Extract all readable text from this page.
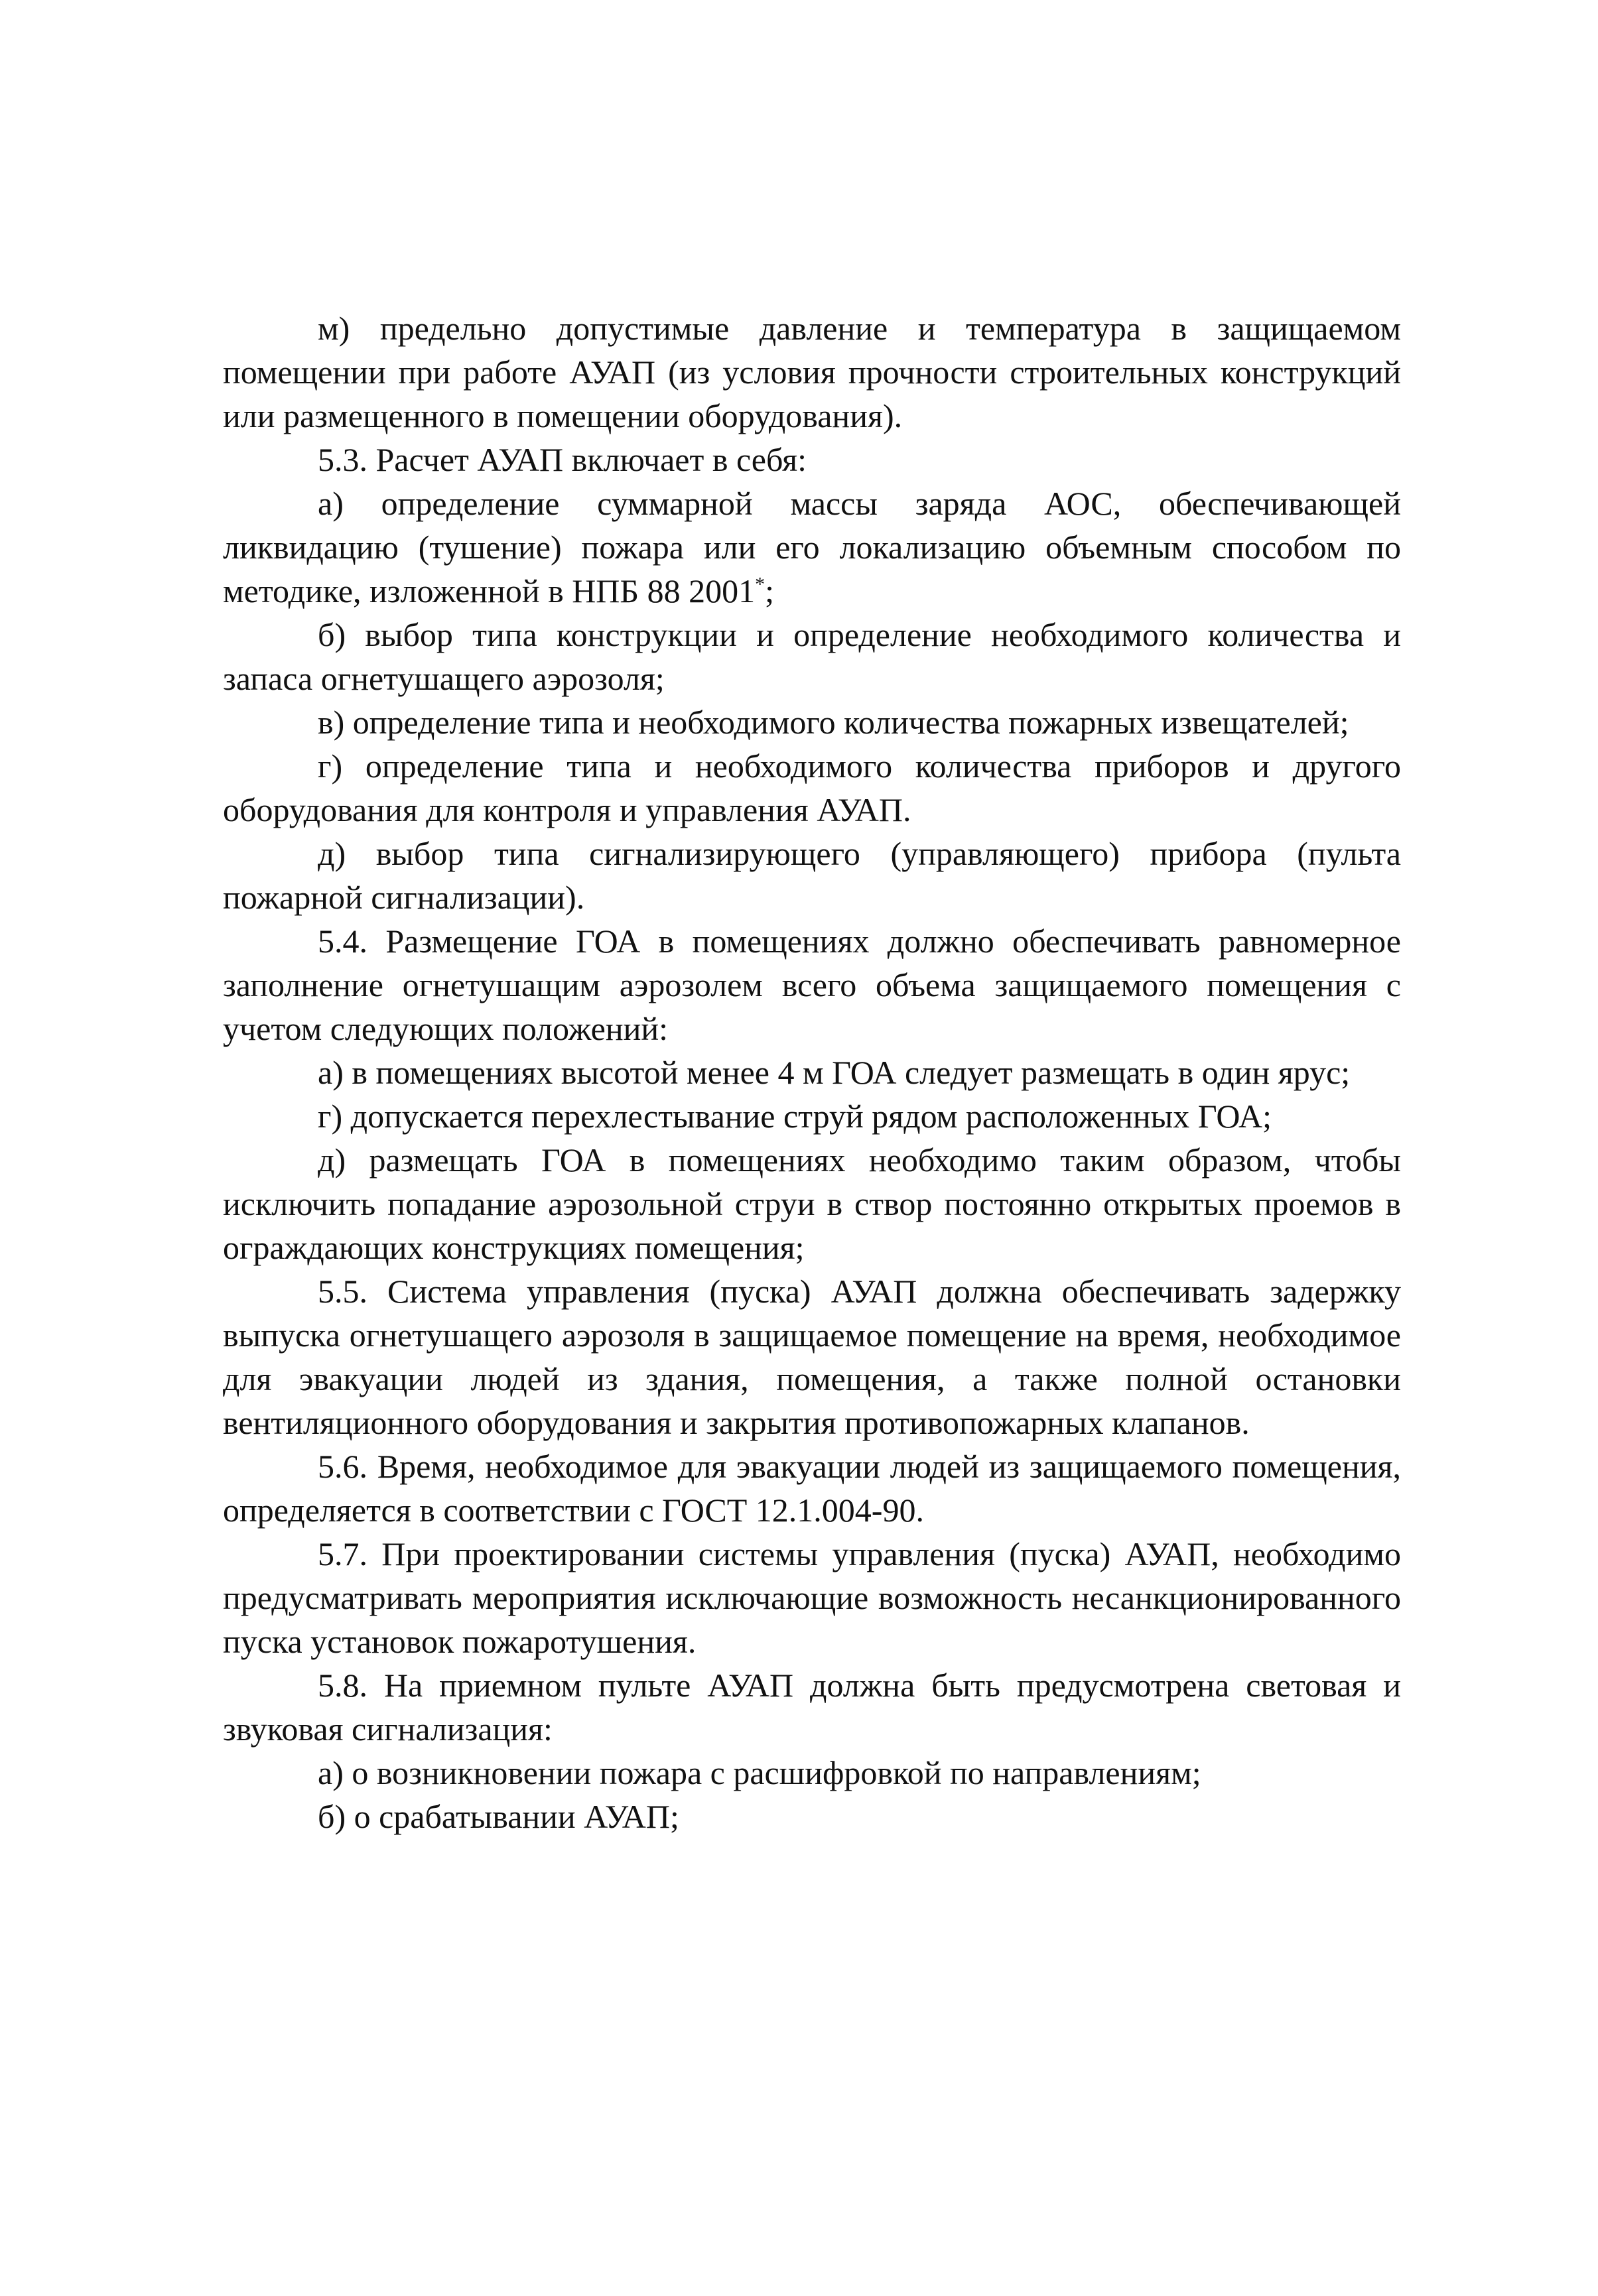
м) предельно допустимые давление и температура в защищаемом помещении при работе АУАП (из условия прочности строительных конструкций или размещенного в помещении оборудования).

5.3. Расчет АУАП включает в себя:

а) определение суммарной массы заряда АОС, обеспечивающей ликвидацию (тушение) пожара или его локализацию объемным способом по методике, изложенной в НПБ 88 2001*;

б) выбор типа конструкции и определение необходимого количества и запаса огнетушащего аэрозоля;

в) определение типа и необходимого количества пожарных извещателей;

г) определение типа и необходимого количества приборов и другого оборудования для контроля и управления АУАП.

д) выбор типа сигнализирующего (управляющего) прибора (пульта пожарной сигнализации).

5.4. Размещение ГОА в помещениях должно обеспечивать равномерное заполнение огнетушащим аэрозолем всего объема защищаемого помещения с учетом следующих положений:

а) в помещениях высотой менее 4 м ГОА следует размещать в один ярус;

г) допускается перехлестывание струй рядом расположенных ГОА;

д) размещать ГОА в помещениях необходимо таким образом, чтобы исключить попадание аэрозольной струи в створ постоянно открытых проемов в ограждающих конструкциях помещения;

5.5. Система управления (пуска) АУАП должна обеспечивать задержку выпуска огнетушащего аэрозоля в защищаемое помещение на время, необходимое для эвакуации людей из здания, помещения, а также полной остановки вентиляционного оборудования и закрытия противопожарных клапанов.

5.6. Время, необходимое для эвакуации людей из защищаемого помещения, определяется в соответствии с ГОСТ 12.1.004-90.

5.7. При проектировании системы управления (пуска) АУАП, необходимо предусматривать мероприятия исключающие возможность несанкционированного пуска установок пожаротушения.

5.8. На приемном пульте АУАП должна быть предусмотрена световая и звуковая сигнализация:

а) о возникновении пожара с расшифровкой по направлениям;

б) о срабатывании АУАП;
